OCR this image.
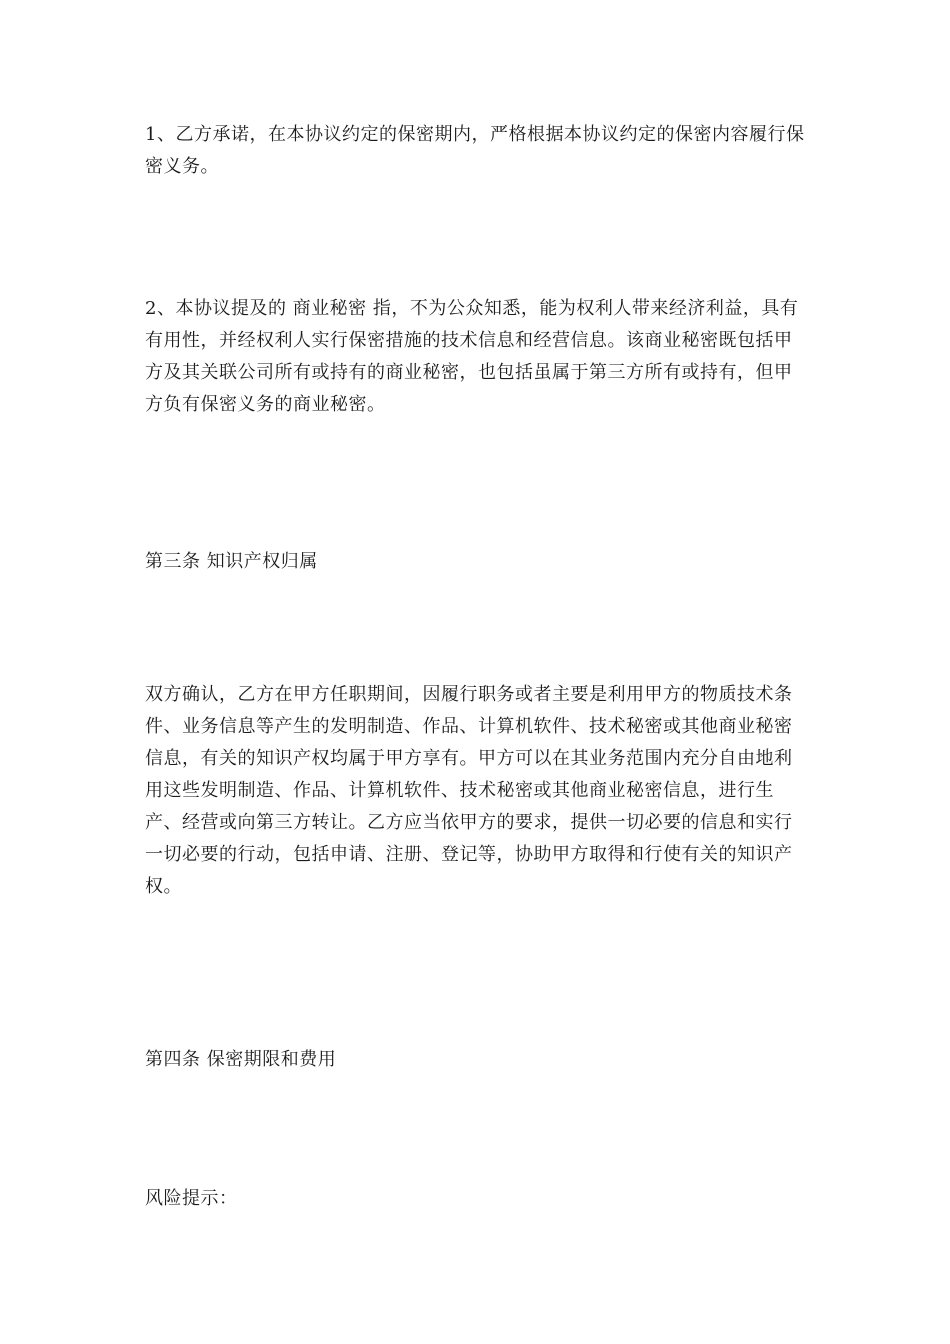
1、乙方承诺，在本协议约定的保密期内，严格根据本协议约定的保密内容履行保密义务。

2、本协议提及的 商业秘密 指，不为公众知悉，能为权利人带来经济利益，具有有用性，并经权利人实行保密措施的技术信息和经营信息。该商业秘密既包括甲方及其关联公司所有或持有的商业秘密，也包括虽属于第三方所有或持有，但甲方负有保密义务的商业秘密。

第三条 知识产权归属

双方确认，乙方在甲方任职期间，因履行职务或者主要是利用甲方的物质技术条件、业务信息等产生的发明制造、作品、计算机软件、技术秘密或其他商业秘密信息，有关的知识产权均属于甲方享有。甲方可以在其业务范围内充分自由地利用这些发明制造、作品、计算机软件、技术秘密或其他商业秘密信息，进行生产、经营或向第三方转让。乙方应当依甲方的要求，提供一切必要的信息和实行一切必要的行动，包括申请、注册、登记等，协助甲方取得和行使有关的知识产权。

第四条 保密期限和费用

风险提示：
